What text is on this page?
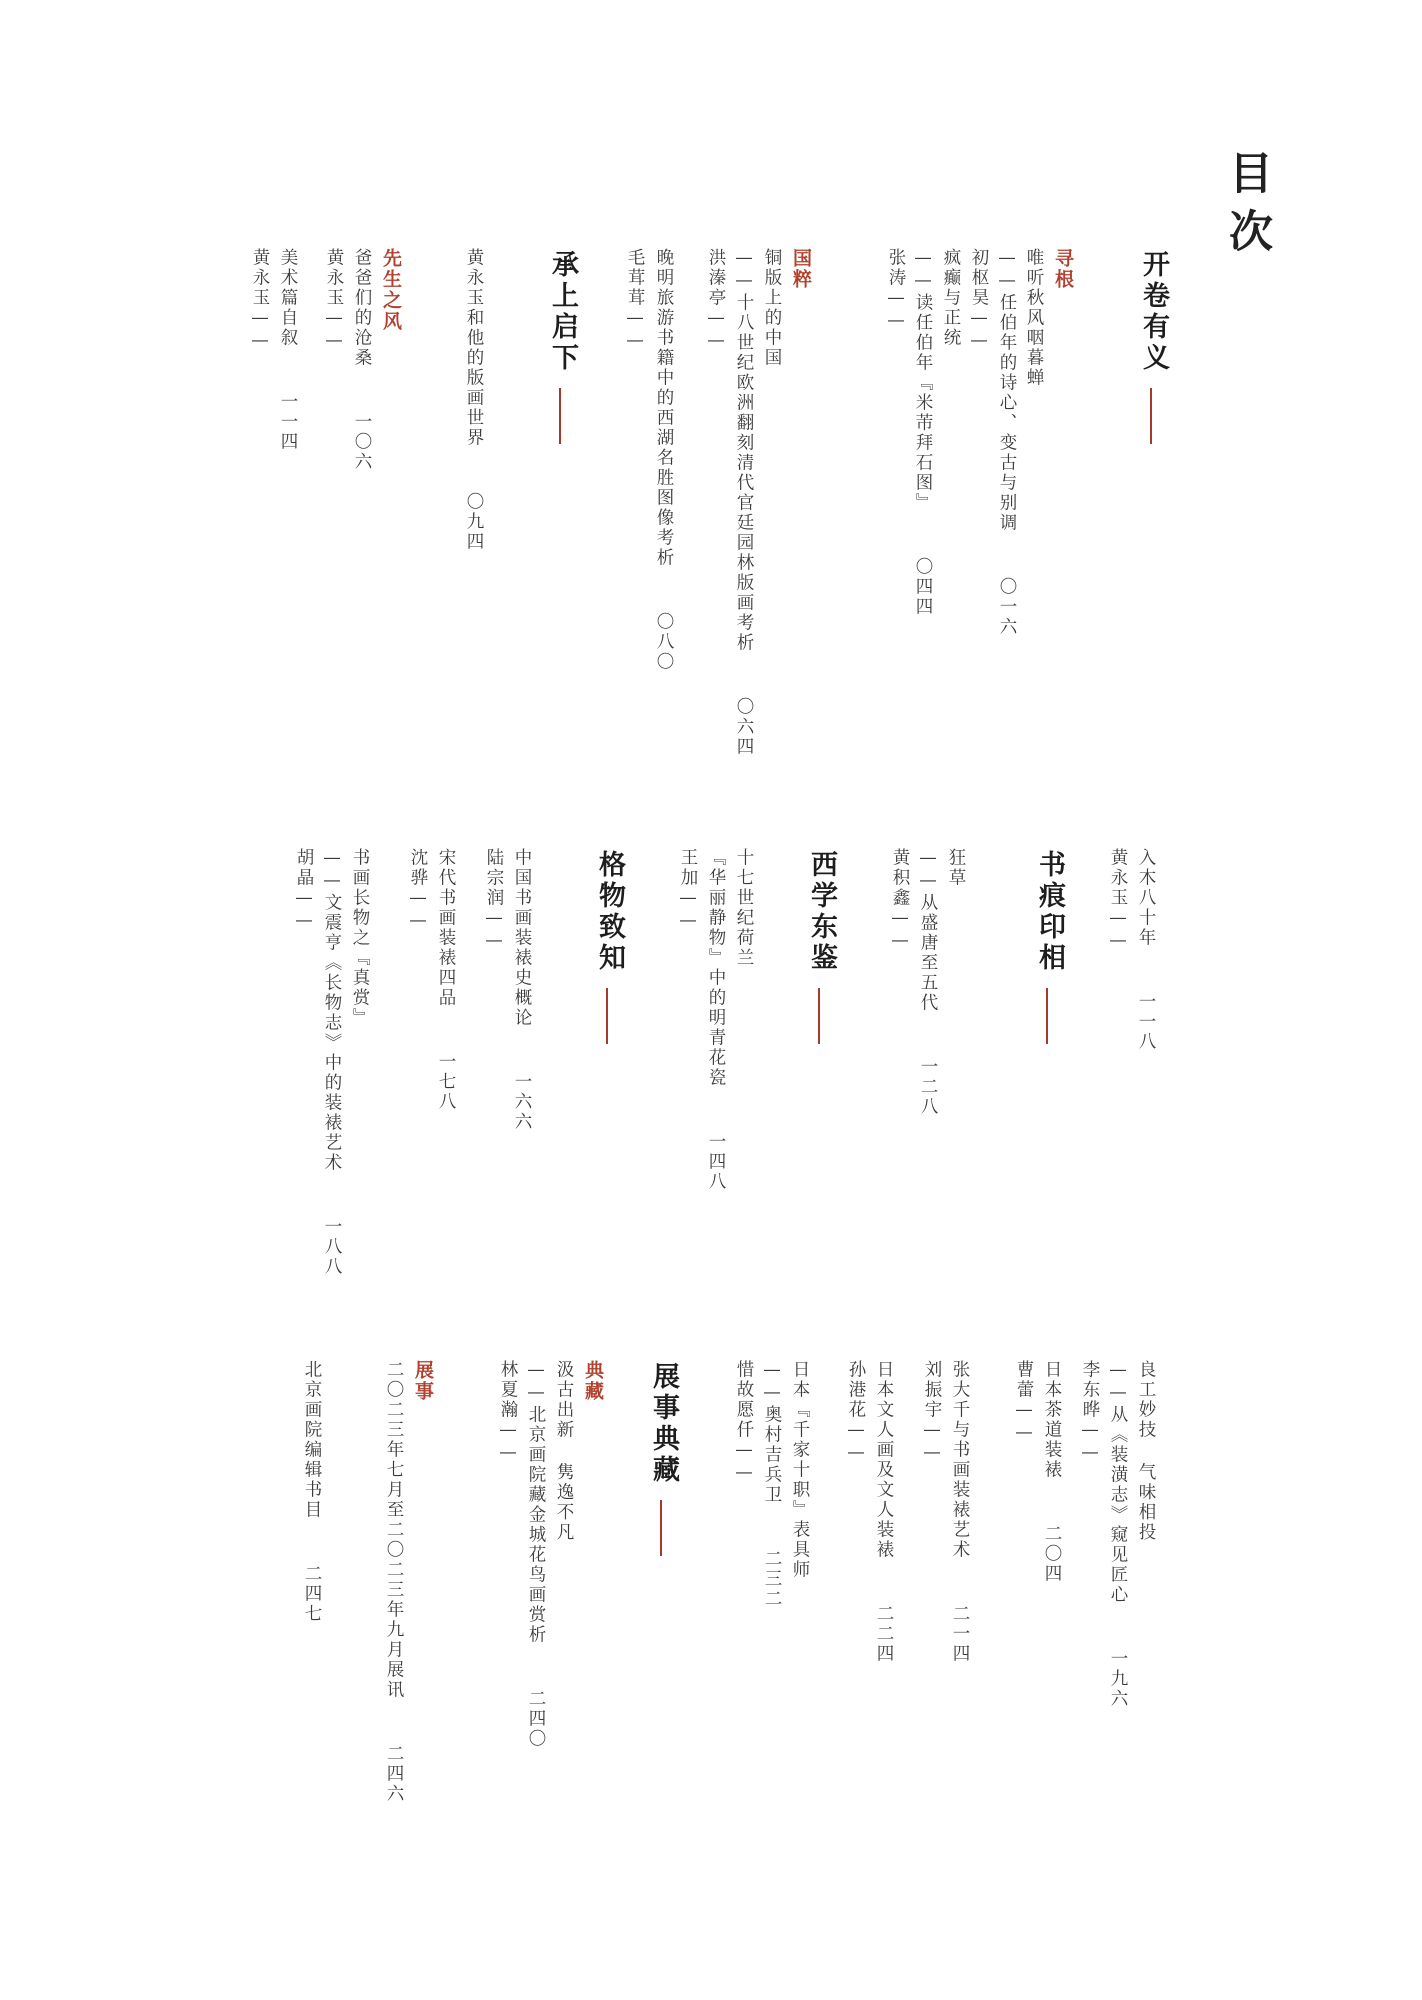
目次
开卷有义
寻根
唯听秋风咽暮蝉
——任伯年的诗心、变古与别调〇一六
初枢昊——
疯癫与正统
——读任伯年『米芾拜石图』〇四四
张涛——
国粹
铜版上的中国
——十八世纪欧洲翻刻清代官廷园林版画考析〇六四
洪溱亭——
晚明旅游书籍中的西湖名胜图像考析〇八〇
毛茸茸——
承上启下
黄永玉和他的版画世界〇九四
先生之风
爸爸们的沧桑一〇六
黄永玉——
美术篇自叙一一四
黄永玉——
入木八十年一一八
黄永玉——
书痕印相
狂草
——从盛唐至五代一二八
黄积鑫——
西学东鉴
十七世纪荷兰
『华丽静物』中的明青花瓷一四八
王加——
格物致知
中国书画装裱史概论一六六
陆宗润——
宋代书画装裱四品一七八
沈骅——
书画长物之『真赏』
——文震亨《长物志》中的装裱艺术一八八
胡晶——
良工妙技 气味相投
——从《装潢志》窥见匠心一九六
李东晔——
日本茶道装裱二〇四
曹蕾——
张大千与书画装裱艺术二一四
刘振宇——
日本文人画及文人装裱二二四
孙港花——
日本『千家十职』表具师
——奥村吉兵卫二三二
惜故愿仟——
展事典藏
典藏
汲古出新 隽逸不凡
——北京画院藏金城花鸟画赏析二四〇
林夏瀚——
展事
二〇二三年七月至二〇二三年九月展讯二四六
北京画院编辑书目二四七
